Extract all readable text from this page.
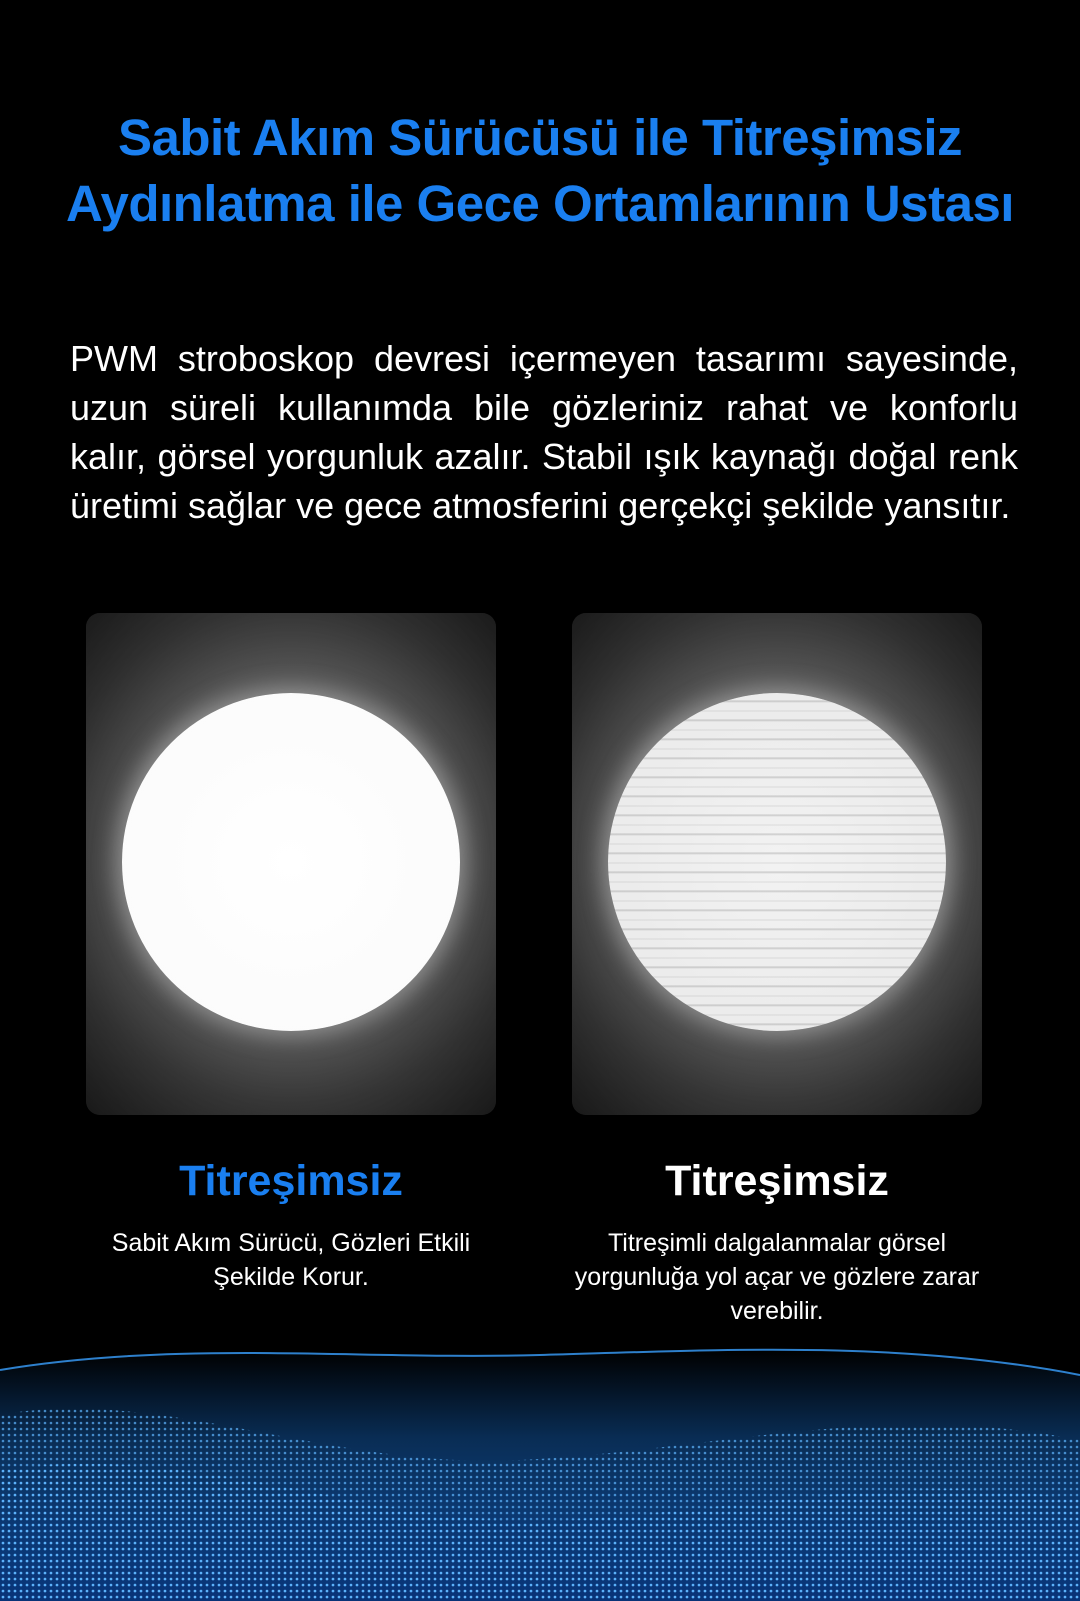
Sabit Akım Sürücüsü ile Titreşimsiz Aydınlatma ile Gece Ortamlarının Ustası

PWM stroboskop devresi içermeyen tasarımı sayesinde, uzun süreli kullanımda bile gözleriniz rahat ve konforlu kalır, görsel yorgunluk azalır. Stabil ışık kaynağı doğal renk üretimi sağlar ve gece atmosferini gerçekçi şekilde yansıtır.

Titreşimsiz

Sabit Akım Sürücü, Gözleri Etkili Şekilde Korur.

Titreşimsiz

Titreşimli dalgalanmalar görsel yorgunluğa yol açar ve gözlere zarar verebilir.
